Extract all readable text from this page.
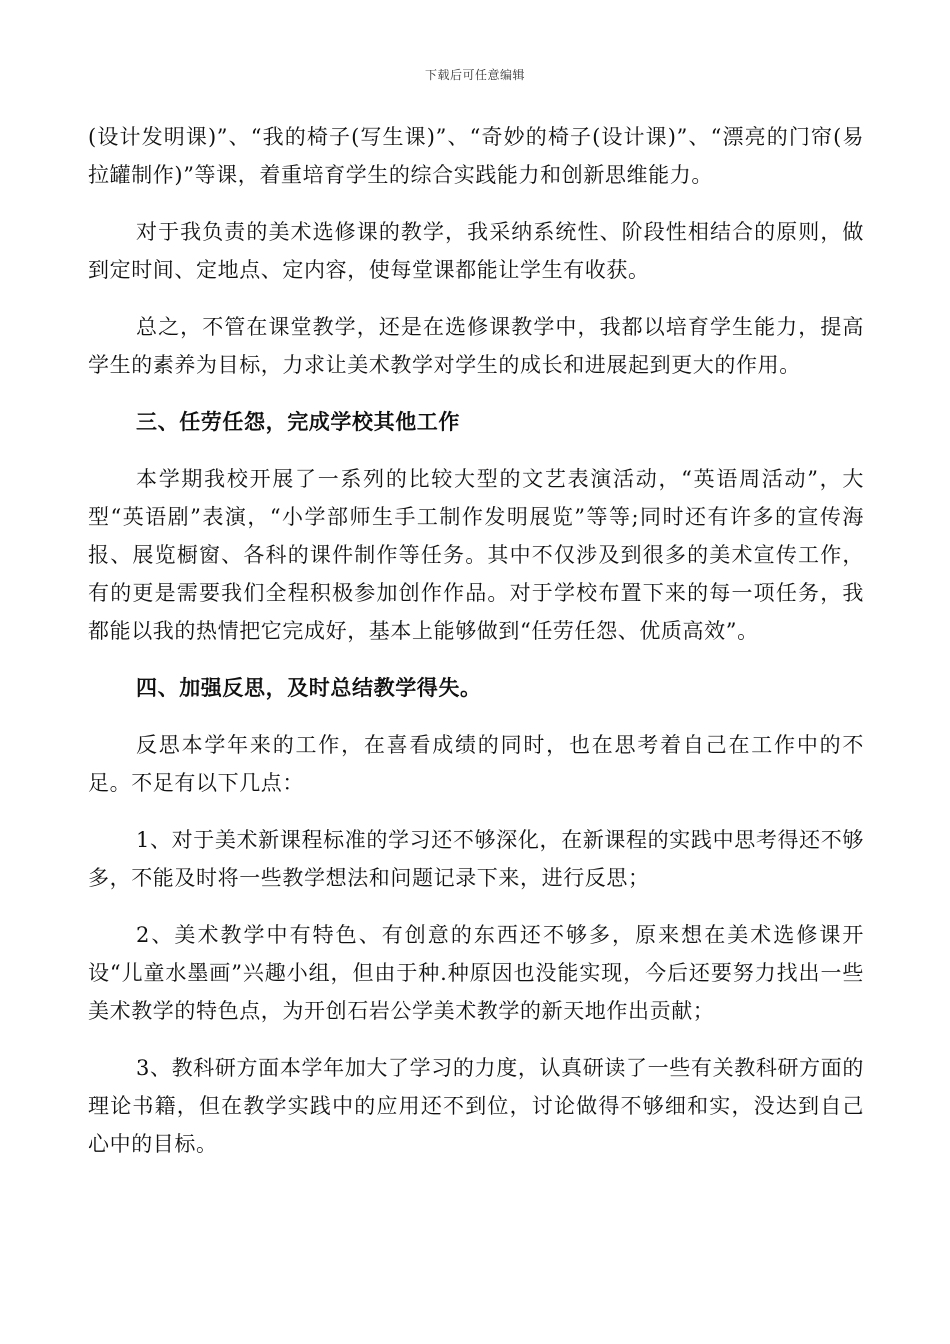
下载后可任意编辑

(设计发明课)”、“我的椅子(写生课)”、“奇妙的椅子(设计课)”、“漂亮的门帘(易拉罐制作)”等课，着重培育学生的综合实践能力和创新思维能力。

对于我负责的美术选修课的教学，我采纳系统性、阶段性相结合的原则，做到定时间、定地点、定内容，使每堂课都能让学生有收获。

总之，不管在课堂教学，还是在选修课教学中，我都以培育学生能力，提高学生的素养为目标，力求让美术教学对学生的成长和进展起到更大的作用。

三、任劳任怨，完成学校其他工作

本学期我校开展了一系列的比较大型的文艺表演活动，“英语周活动”，大型“英语剧”表演，“小学部师生手工制作发明展览”等等;同时还有许多的宣传海报、展览橱窗、各科的课件制作等任务。其中不仅涉及到很多的美术宣传工作，有的更是需要我们全程积极参加创作作品。对于学校布置下来的每一项任务，我都能以我的热情把它完成好，基本上能够做到“任劳任怨、优质高效”。

四、加强反思，及时总结教学得失。

反思本学年来的工作，在喜看成绩的同时，也在思考着自己在工作中的不足。不足有以下几点：

1、对于美术新课程标准的学习还不够深化，在新课程的实践中思考得还不够多，不能及时将一些教学想法和问题记录下来，进行反思；

2、美术教学中有特色、有创意的东西还不够多，原来想在美术选修课开设“儿童水墨画”兴趣小组，但由于种.种原因也没能实现，今后还要努力找出一些美术教学的特色点，为开创石岩公学美术教学的新天地作出贡献；

3、教科研方面本学年加大了学习的力度，认真研读了一些有关教科研方面的理论书籍，但在教学实践中的应用还不到位，讨论做得不够细和实，没达到自己心中的目标。
